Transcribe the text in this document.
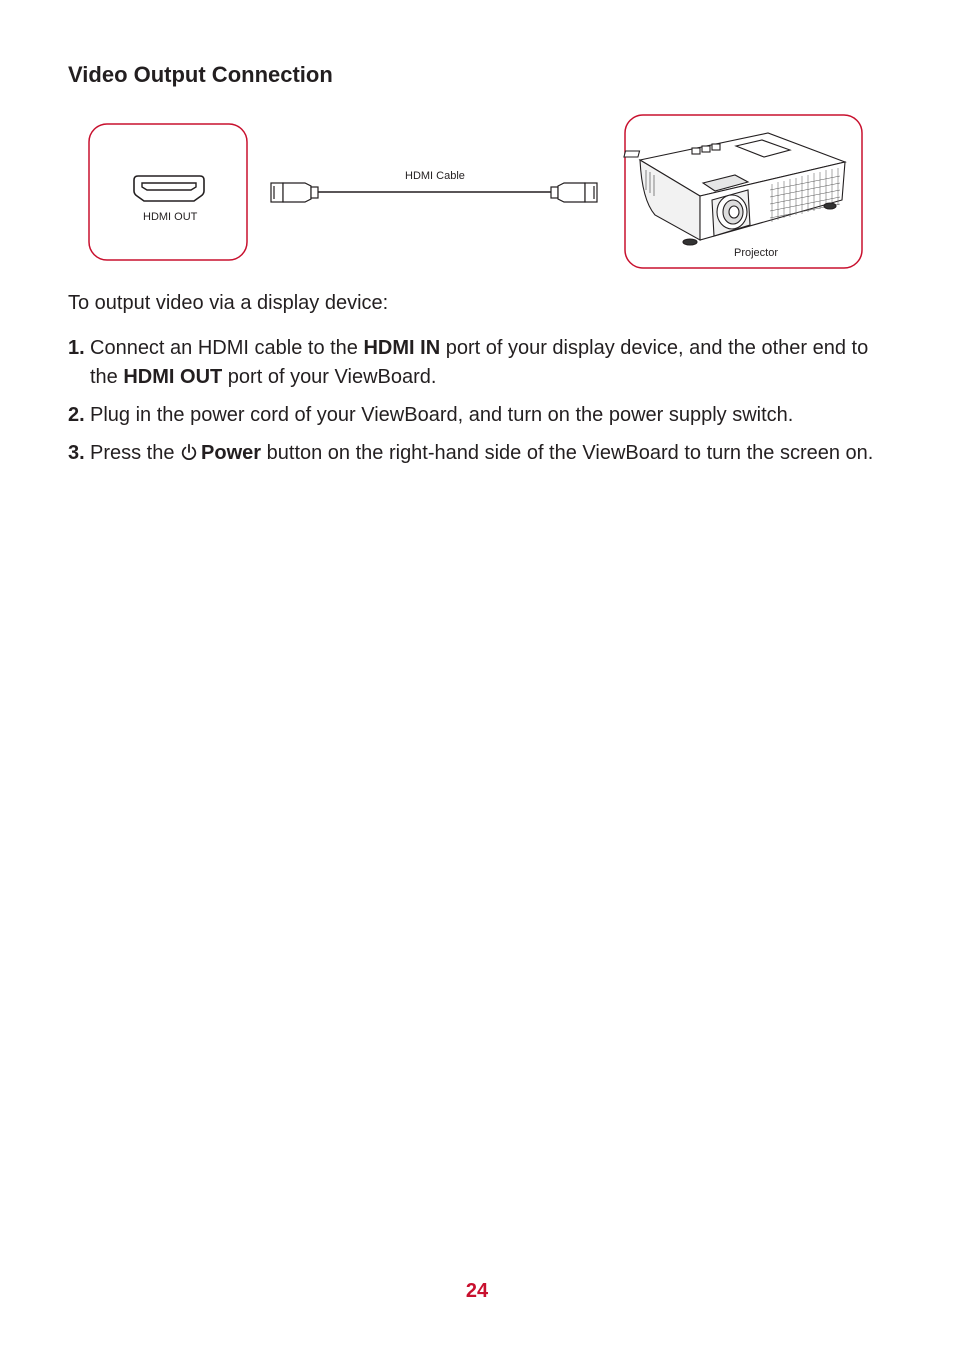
Video Output Connection
HDMI OUT
HDMI Cable
Projector

To output video via a display device:

1. Connect an HDMI cable to the HDMI IN port of your display device, and the other end to the HDMI OUT port of your ViewBoard.
2. Plug in the power cord of your ViewBoard, and turn on the power supply switch.
3. Press the Power button on the right-hand side of the ViewBoard to turn the screen on.
24
